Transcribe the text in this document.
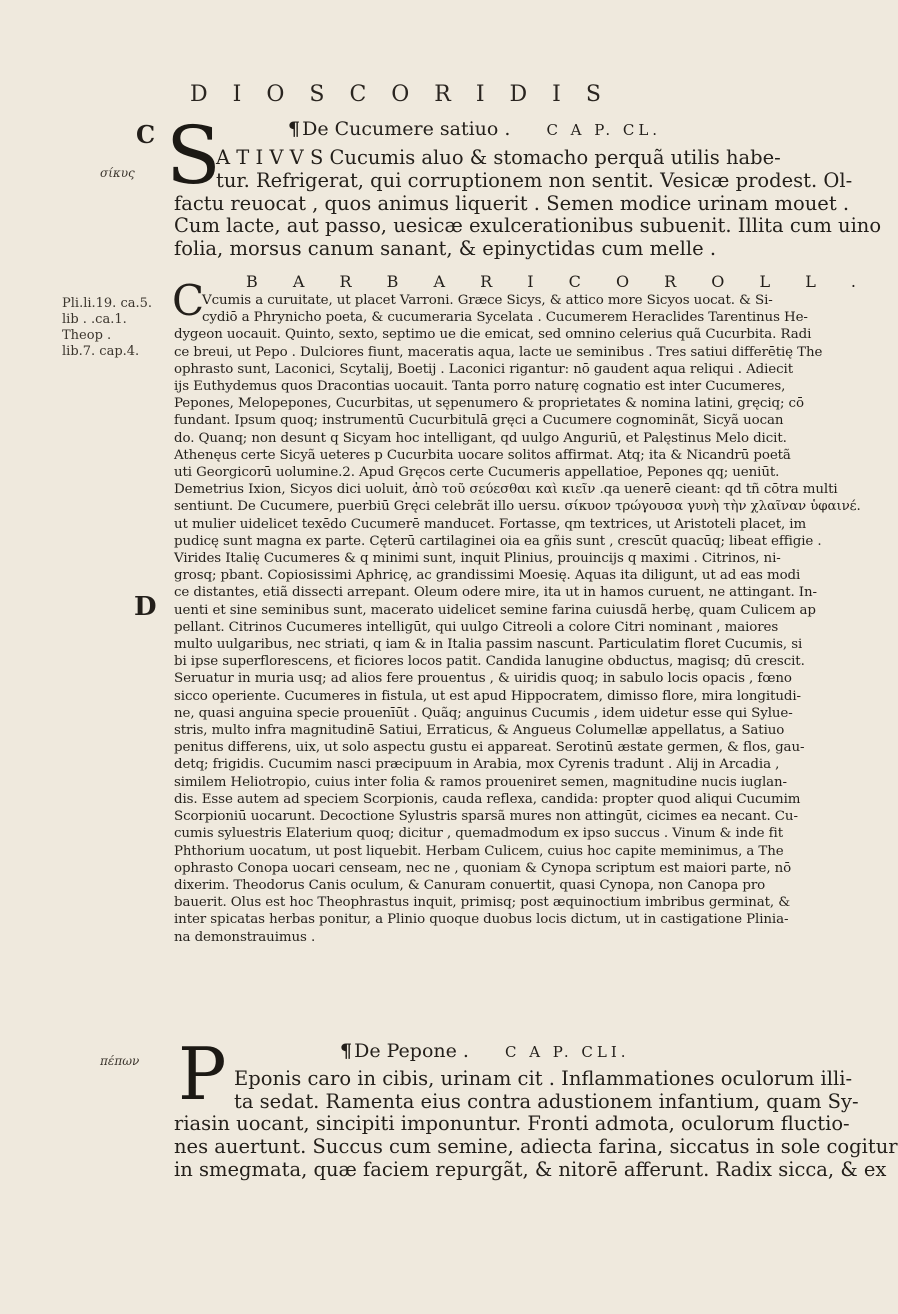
D I O S C O R I D I S
C
σίκυς
Pli.li.19. ca.5.
lib . .ca.1.
Theop .
lib.7. cap.4.
D
πέπων
S	¶ De Cucumere satiuo . C A P. CL.
A T I V V S Cucumis aluo & stomacho perquã utilis habe-
tur. Refrigerat, qui corruptionem non sentit. Vesicæ prodest. Ol-
factu reuocat , quos animus liquerit . Semen modice urinam mouet .
Cum lacte, aut passo, uesicæ exulcerationibus subuenit. Illita cum uino
folia, morsus canum sanant, & epinyctidas cum melle .
B A R B A R I C O R O L L .
C
Vcumis a curuitate, ut placet Varroni. Græce Sicys, & attico more Sicyos uocat. & Si-
cydiō a Phrynicho poeta, & cucumeraria Sycelata . Cucumerem Heraclides Tarentinus He-
dygeon uocauit. Quinto, sexto, septimo ue die emicat, sed omnino celerius quã Cucurbita. Radi
ce breui, ut Pepo . Dulciores fiunt, maceratis aqua, lacte ue seminibus . Tres satiui differētię The
ophrasto sunt, Laconici, Scytalij, Boetij . Laconici rigantur: nō gaudent aqua reliqui . Adiecit
ijs Euthydemus quos Dracontias uocauit. Tanta porro naturę cognatio est inter Cucumeres,
Pepones, Melopepones, Cucurbitas, ut sępenumero & proprietates & nomina latini, gręciq; cō
fundant. Ipsum quoq; instrumentū Cucurbitulā gręci a Cucumere cognominãt, Sicyã uocan
do. Quanq; non desunt q Sicyam hoc intelligant, qd uulgo Anguriū, et Palęstinus Melo dicit.
Athenęus certe Sicyã ueteres p Cucurbita uocare solitos affirmat. Atq; ita & Nicandrū poetã
uti Georgicorū uolumine.2. Apud Gręcos certe Cucumeris appellatioe, Pepones qq; ueniūt.
Demetrius Ixion, Sicyos dici uoluit, ἀπὸ τοῦ σεύεσθαι καὶ κιεῖν .qa uenerē cieant: qd tñ cōtra multi
sentiunt. De Cucumere, puerbiū Gręci celebrãt illo uersu. σίκυον τρώγουσα γυνὴ τὴν χλαῖναν ὑφαινέ.
ut mulier uidelicet texēdo Cucumerē manducet. Fortasse, qm textrices, ut Aristoteli placet, im
pudicę sunt magna ex parte. Cęterū cartilaginei oia ea gñis sunt , crescūt quacūq; libeat effigie .
Virides Italię Cucumeres & q minimi sunt, inquit Plinius, prouincijs q maximi . Citrinos, ni-
grosq; pbant. Copiosissimi Aphricę, ac grandissimi Moesię. Aquas ita diligunt, ut ad eas modi
ce distantes, etiã dissecti arrepant. Oleum odere mire, ita ut in hamos curuent, ne attingant. In-
uenti et sine seminibus sunt, macerato uidelicet semine farina cuiusdã herbę, quam Culicem ap
pellant. Citrinos Cucumeres intelligūt, qui uulgo Citreoli a colore Citri nominant , maiores
multo uulgaribus, nec striati, q iam & in Italia passim nascunt. Particulatim floret Cucumis, si
bi ipse superflorescens, et ficiores locos patit. Candida lanugine obductus, magisq; dū crescit.
Seruatur in muria usq; ad alios fere prouentus , & uiridis quoq; in sabulo locis opacis , fœno
sicco operiente. Cucumeres in fistula, ut est apud Hippocratem, dimisso flore, mira longitudi-
ne, quasi anguina specie prouenīūt . Quãq; anguinus Cucumis , idem uidetur esse qui Sylue-
stris, multo infra magnitudinē Satiui, Erraticus, & Angueus Columellæ appellatus, a Satiuo
penitus differens, uix, ut solo aspectu gustu ei appareat. Serotinū æstate germen, & flos, gau-
detq; frigidis. Cucumim nasci præcipuum in Arabia, mox Cyrenis tradunt . Alij in Arcadia ,
similem Heliotropio, cuius inter folia & ramos proueniret semen, magnitudine nucis iuglan-
dis. Esse autem ad speciem Scorpionis, cauda reflexa, candida: propter quod aliqui Cucumim
Scorpioniū uocarunt. Decoctione Sylustris sparsã mures non attingūt, cicimes ea necant. Cu-
cumis syluestris Elaterium quoq; dicitur , quemadmodum ex ipso succus . Vinum & inde fit
Phthorium uocatum, ut post liquebit. Herbam Culicem, cuius hoc capite meminimus, a The
ophrasto Conopa uocari censeam, nec ne , quoniam & Cynopa scriptum est maiori parte, nō
dixerim. Theodorus Canis oculum, & Canuram conuertit, quasi Cynopa, non Canopa pro
bauerit. Olus est hoc Theophrastus inquit, primisq; post æquinoctium imbribus germinat, &
inter spicatas herbas ponitur, a Plinio quoque duobus locis dictum, ut in castigatione Plinia-
na demonstrauimus .
P	¶ De Pepone . C A P. CLI.
Eponis caro in cibis, urinam cit . Inflammationes oculorum illi-
ta sedat. Ramenta eius contra adustionem infantium, quam Sy-
riasin uocant, sincipiti imponuntur. Fronti admota, oculorum fluctio-
nes auertunt. Succus cum semine, adiecta farina, siccatus in sole cogitur
in smegmata, quæ faciem repurgãt, & nitorē afferunt. Radix sicca, & ex
